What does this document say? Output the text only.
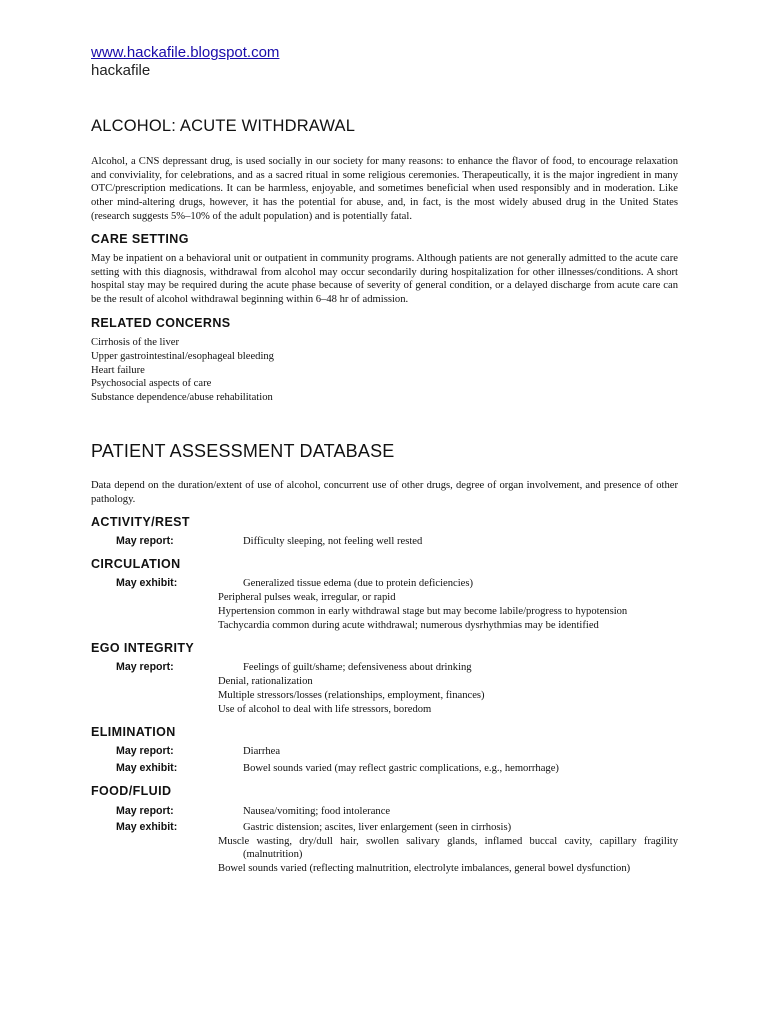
www.hackafile.blogspot.com
hackafile
ALCOHOL: ACUTE WITHDRAWAL

Alcohol, a CNS depressant drug, is used socially in our society for many reasons: to enhance the flavor of food, to encourage relaxation and conviviality, for celebrations, and as a sacred ritual in some religious ceremonies. Therapeutically, it is the major ingredient in many OTC/prescription medications. It can be harmless, enjoyable, and sometimes beneficial when used responsibly and in moderation. Like other mind-altering drugs, however, it has the potential for abuse, and, in fact, is the most widely abused drug in the United States (research suggests 5%–10% of the adult population) and is potentially fatal.

CARE SETTING

May be inpatient on a behavioral unit or outpatient in community programs. Although patients are not generally admitted to the acute care setting with this diagnosis, withdrawal from alcohol may occur secondarily during hospitalization for other illnesses/conditions. A short hospital stay may be required during the acute phase because of severity of general condition, or a delayed discharge from acute care can be the result of alcohol withdrawal beginning within 6–48 hr of admission.

RELATED CONCERNS
Cirrhosis of the liver
Upper gastrointestinal/esophageal bleeding
Heart failure
Psychosocial aspects of care
Substance dependence/abuse rehabilitation
PATIENT ASSESSMENT DATABASE

Data depend on the duration/extent of use of alcohol, concurrent use of other drugs, degree of organ involvement, and presence of other pathology.

ACTIVITY/REST
May report:	Difficulty sleeping, not feeling well rested
CIRCULATION
May exhibit:	Generalized tissue edema (due to protein deficiencies)
Peripheral pulses weak, irregular, or rapid
Hypertension common in early withdrawal stage but may become labile/progress to hypotension
Tachycardia common during acute withdrawal; numerous dysrhythmias may be identified
EGO INTEGRITY
May report:	Feelings of guilt/shame; defensiveness about drinking
Denial, rationalization
Multiple stressors/losses (relationships, employment, finances)
Use of alcohol to deal with life stressors, boredom
ELIMINATION
May report:	Diarrhea
May exhibit:	Bowel sounds varied (may reflect gastric complications, e.g., hemorrhage)
FOOD/FLUID
May report:	Nausea/vomiting; food intolerance
May exhibit:	Gastric distension; ascites, liver enlargement (seen in cirrhosis)
Muscle wasting, dry/dull hair, swollen salivary glands, inflamed buccal cavity, capillary fragility
(malnutrition)
Bowel sounds varied (reflecting malnutrition, electrolyte imbalances, general bowel dysfunction)
